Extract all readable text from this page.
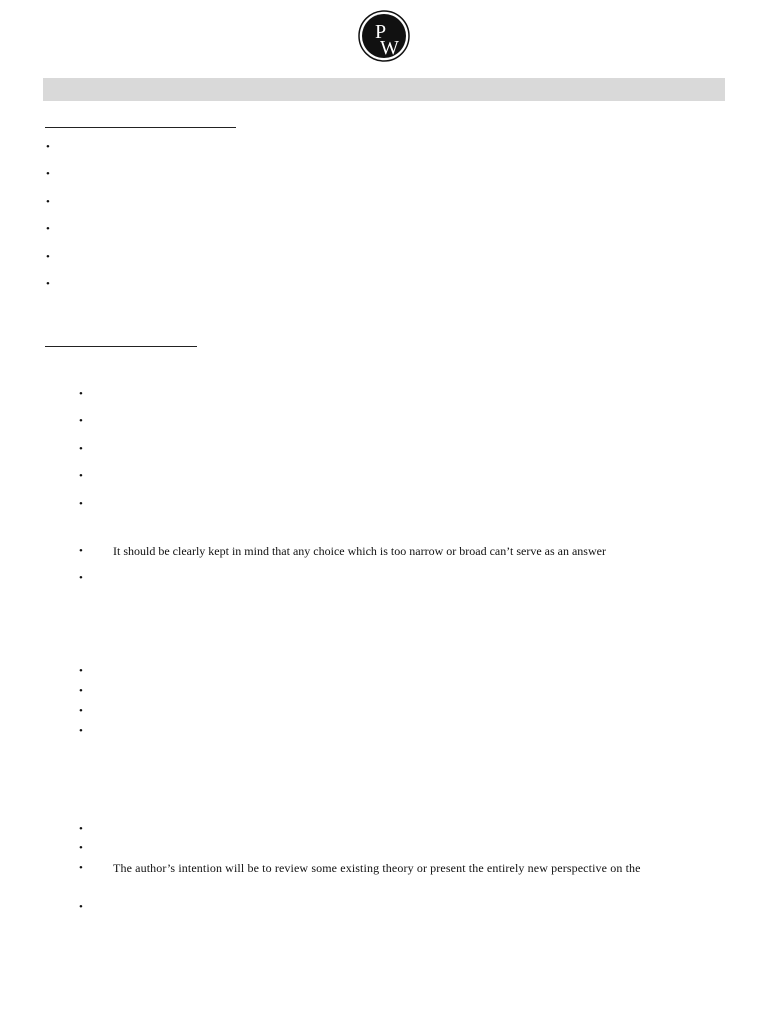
P
W
•
•
•
•
•
•
•
•
•
•
•
•	It should be clearly kept in mind that any choice which is too narrow or broad can’t serve as an answer
•
•
•
•
•
•
•
•	The author’s intention will be to review some existing theory or present the entirely new perspective on the
•
